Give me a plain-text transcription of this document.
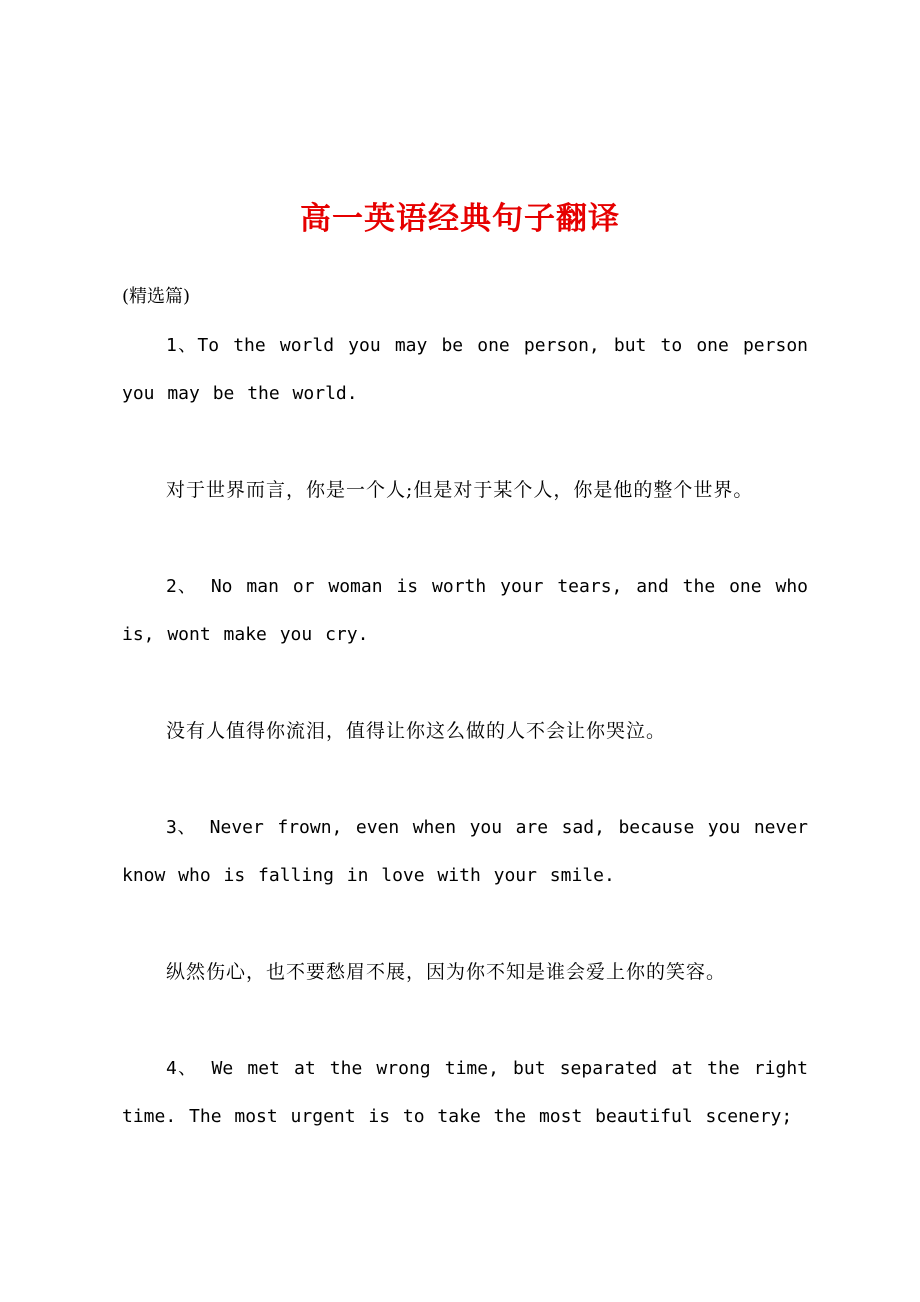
高一英语经典句子翻译

(精选篇)

1、To the world you may be one person, but to one person you may be the world.

对于世界而言，你是一个人;但是对于某个人，你是他的整个世界。

2、 No man or woman is worth your tears, and the one who is, wont make you cry.

没有人值得你流泪，值得让你这么做的人不会让你哭泣。

3、 Never frown, even when you are sad, because you never know who is falling in love with your smile.

纵然伤心，也不要愁眉不展，因为你不知是谁会爱上你的笑容。

4、 We met at the wrong time, but separated at the right time. The most urgent is to take the most beautiful scenery;
